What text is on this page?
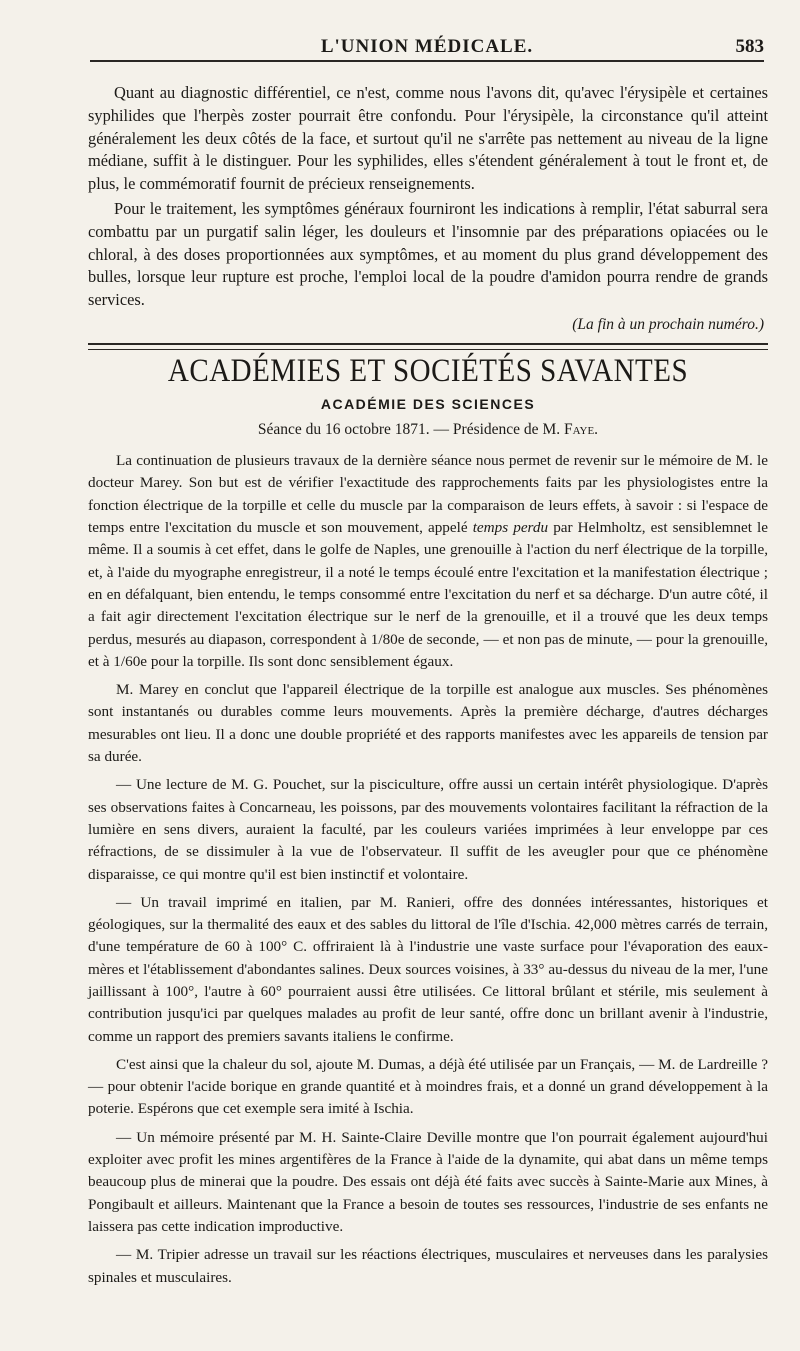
L'UNION MÉDICALE.	583

Quant au diagnostic différentiel, ce n'est, comme nous l'avons dit, qu'avec l'érysipèle et certaines syphilides que l'herpès zoster pourrait être confondu. Pour l'érysipèle, la circonstance qu'il atteint généralement les deux côtés de la face, et surtout qu'il ne s'arrête pas nettement au niveau de la ligne médiane, suffit à le distinguer. Pour les syphilides, elles s'étendent généralement à tout le front et, de plus, le commémoratif fournit de précieux renseignements.

Pour le traitement, les symptômes généraux fourniront les indications à remplir, l'état saburral sera combattu par un purgatif salin léger, les douleurs et l'insomnie par des préparations opiacées ou le chloral, à des doses proportionnées aux symptômes, et au moment du plus grand développement des bulles, lorsque leur rupture est proche, l'emploi local de la poudre d'amidon pourra rendre de grands services.

(La fin à un prochain numéro.)
ACADÉMIES ET SOCIÉTÉS SAVANTES
ACADÉMIE DES SCIENCES
Séance du 16 octobre 1871. — Présidence de M. Faye.

La continuation de plusieurs travaux de la dernière séance nous permet de revenir sur le mémoire de M. le docteur Marey. Son but est de vérifier l'exactitude des rapprochements faits par les physiologistes entre la fonction électrique de la torpille et celle du muscle par la comparaison de leurs effets, à savoir : si l'espace de temps entre l'excitation du muscle et son mouvement, appelé temps perdu par Helmholtz, est sensiblemnet le même. Il a soumis à cet effet, dans le golfe de Naples, une grenouille à l'action du nerf électrique de la torpille, et, à l'aide du myographe enregistreur, il a noté le temps écoulé entre l'excitation et la manifestation électrique ; en en défalquant, bien entendu, le temps consommé entre l'excitation du nerf et sa décharge. D'un autre côté, il a fait agir directement l'excitation électrique sur le nerf de la grenouille, et il a trouvé que les deux temps perdus, mesurés au diapason, correspondent à 1/80e de seconde, — et non pas de minute, — pour la grenouille, et à 1/60e pour la torpille. Ils sont donc sensiblement égaux.

M. Marey en conclut que l'appareil électrique de la torpille est analogue aux muscles. Ses phénomènes sont instantanés ou durables comme leurs mouvements. Après la première décharge, d'autres décharges mesurables ont lieu. Il a donc une double propriété et des rapports manifestes avec les appareils de tension par sa durée.

— Une lecture de M. G. Pouchet, sur la pisciculture, offre aussi un certain intérêt physiologique. D'après ses observations faites à Concarneau, les poissons, par des mouvements volontaires facilitant la réfraction de la lumière en sens divers, auraient la faculté, par les couleurs variées imprimées à leur enveloppe par ces réfractions, de se dissimuler à la vue de l'observateur. Il suffit de les aveugler pour que ce phénomène disparaisse, ce qui montre qu'il est bien instinctif et volontaire.

— Un travail imprimé en italien, par M. Ranieri, offre des données intéressantes, historiques et géologiques, sur la thermalité des eaux et des sables du littoral de l'île d'Ischia. 42,000 mètres carrés de terrain, d'une température de 60 à 100° C. offriraient là à l'industrie une vaste surface pour l'évaporation des eaux-mères et l'établissement d'abondantes salines. Deux sources voisines, à 33° au-dessus du niveau de la mer, l'une jaillissant à 100°, l'autre à 60° pourraient aussi être utilisées. Ce littoral brûlant et stérile, mis seulement à contribution jusqu'ici par quelques malades au profit de leur santé, offre donc un brillant avenir à l'industrie, comme un rapport des premiers savants italiens le confirme.

C'est ainsi que la chaleur du sol, ajoute M. Dumas, a déjà été utilisée par un Français, — M. de Lardreille ? — pour obtenir l'acide borique en grande quantité et à moindres frais, et a donné un grand développement à la poterie. Espérons que cet exemple sera imité à Ischia.

— Un mémoire présenté par M. H. Sainte-Claire Deville montre que l'on pourrait également aujourd'hui exploiter avec profit les mines argentifères de la France à l'aide de la dynamite, qui abat dans un même temps beaucoup plus de minerai que la poudre. Des essais ont déjà été faits avec succès à Sainte-Marie aux Mines, à Pongibault et ailleurs. Maintenant que la France a besoin de toutes ses ressources, l'industrie de ses enfants ne laissera pas cette indication improductive.

— M. Tripier adresse un travail sur les réactions électriques, musculaires et nerveuses dans les paralysies spinales et musculaires.
